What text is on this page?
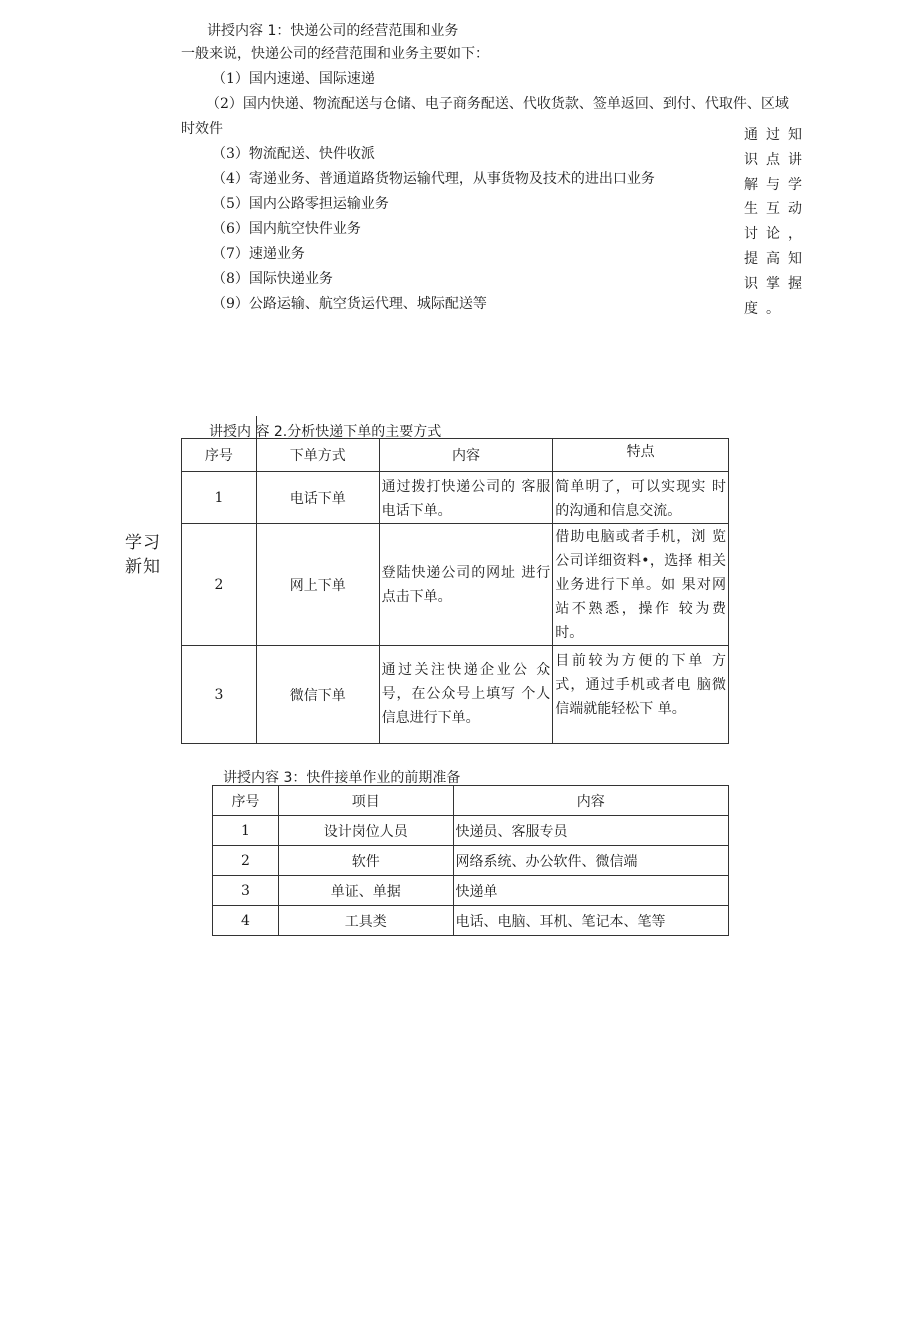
讲授内容 1：快递公司的经营范围和业务
一般来说，快递公司的经营范围和业务主要如下：
（1）国内速递、国际速递
（2）国内快递、物流配送与仓储、电子商务配送、代收货款、签单返回、到付、代取件、区域
时效件
（3）物流配送、快件收派
（4）寄递业务、普通道路货物运输代理，从事货物及技术的进出口业务
（5）国内公路零担运输业务
（6）国内航空快件业务
（7）速递业务
（8）国际快递业务
（9）公路运输、航空货运代理、城际配送等
通过知
识点讲
解与学
生互动
讨论，
提高知
识掌握
度。
学习
新知
讲授内 容 2.分析快递下单的主要方式
序号	下单方式	内容	特点
1	电话下单	通过拨打快递公司的 客服电话下单。	简单明了，可以实现实 时的沟通和信息交流。
2	网上下单	登陆快递公司的网址 进行点击下单。	借助电脑或者手机，浏 览公司详细资料•，选择 相关业务进行下单。如 果对网站不熟悉，操作 较为费时。
3	微信下单	通过关注快递企业公 众号，在公众号上填写 个人信息进行下单。	目前较为方便的下单 方式，通过手机或者电 脑微信端就能轻松下 单。
讲授内容 3：快件接单作业的前期准备
序号	项目	内容
1	设计岗位人员	快递员、客服专员
2	软件	网络系统、办公软件、微信端
3	单证、单据	快递单
4	工具类	电话、电脑、耳机、笔记本、笔等
